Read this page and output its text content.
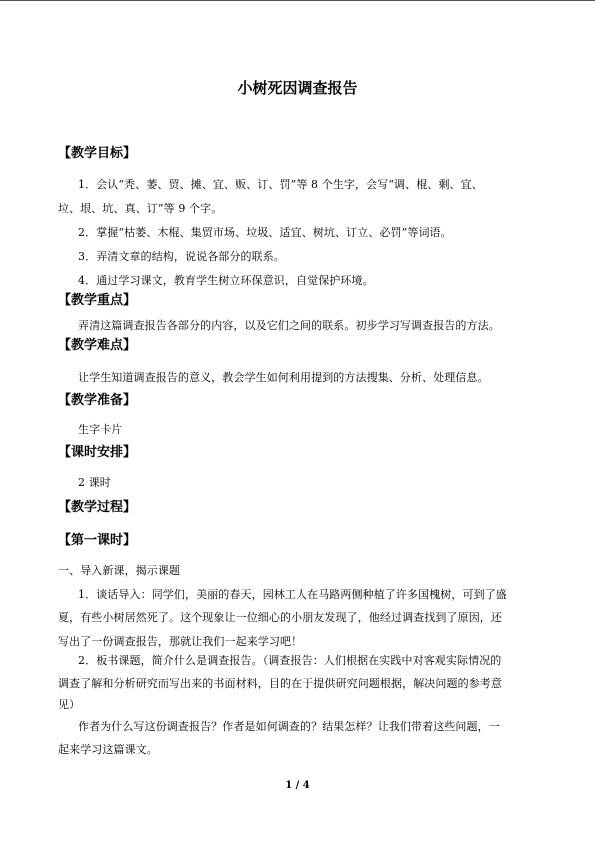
小树死因调查报告
【教学目标】
1．会认“秃、萎、贸、摊、宜、贩、订、罚”等 8 个生字，会写“调、棍、剩、宜、
垃、垠、坑、真、订”等 9 个字。
2．掌握“枯萎、木棍、集贸市场、垃圾、适宜、树坑、订立、必罚”等词语。
3．弄清文章的结构，说说各部分的联系。
4．通过学习课文，教育学生树立环保意识，自觉保护环境。
【教学重点】
弄清这篇调查报告各部分的内容，以及它们之间的联系。初步学习写调查报告的方法。
【教学难点】
让学生知道调查报告的意义，教会学生如何利用提到的方法搜集、分析、处理信息。
【教学准备】
生字卡片
【课时安排】
2 课时
【教学过程】
【第一课时】
一、导入新课，揭示课题
1．谈话导入：同学们，美丽的春天，园林工人在马路两侧种植了许多国槐树，可到了盛
夏，有些小树居然死了。这个现象让一位细心的小朋友发现了，他经过调查找到了原因，还
写出了一份调查报告，那就让我们一起来学习吧！
2．板书课题，简介什么是调查报告。（调查报告：人们根据在实践中对客观实际情况的
调查了解和分析研究而写出来的书面材料，目的在于提供研究问题根据，解决问题的参考意
见）
作者为什么写这份调查报告？作者是如何调查的？结果怎样？让我们带着这些问题，一
起来学习这篇课文。
1 / 4
